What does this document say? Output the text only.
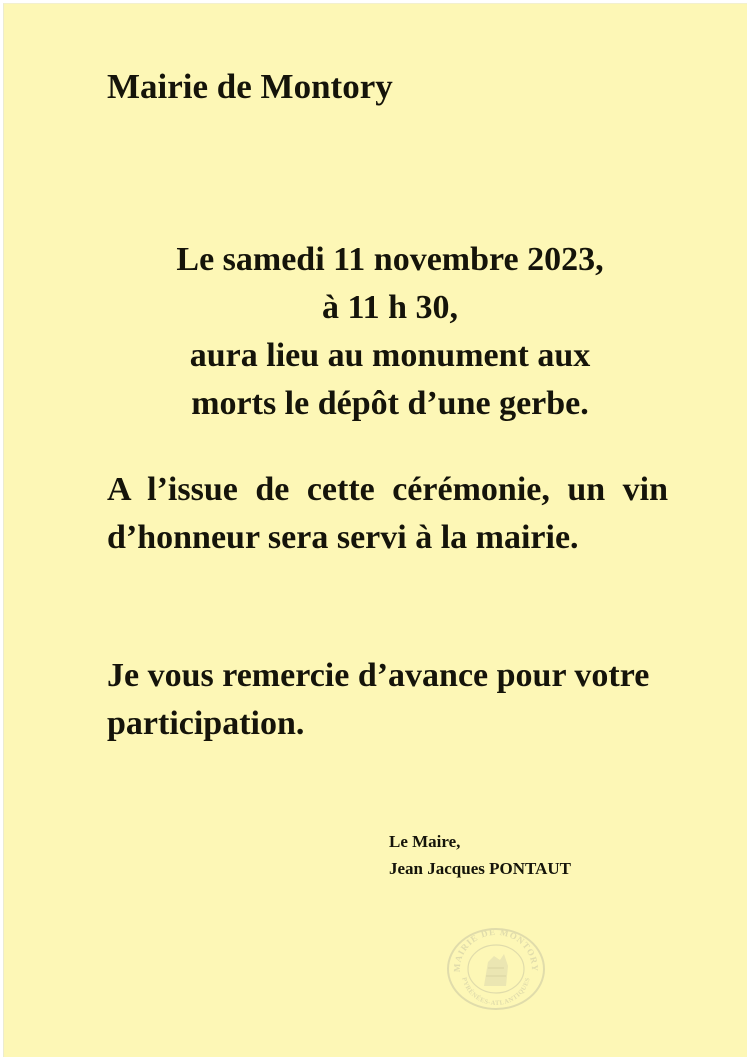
Mairie de Montory
Le samedi 11 novembre 2023,
à 11 h 30,
aura lieu au monument aux
morts le dépôt d’une gerbe.

A l’issue de cette cérémonie, un vin d’honneur sera servi à la mairie.

Je vous remercie d’avance pour votre participation.

Le Maire,
Jean Jacques PONTAUT
MAIRIE DE MONTORY
PYRÉNÉES-ATLANTIQUES
